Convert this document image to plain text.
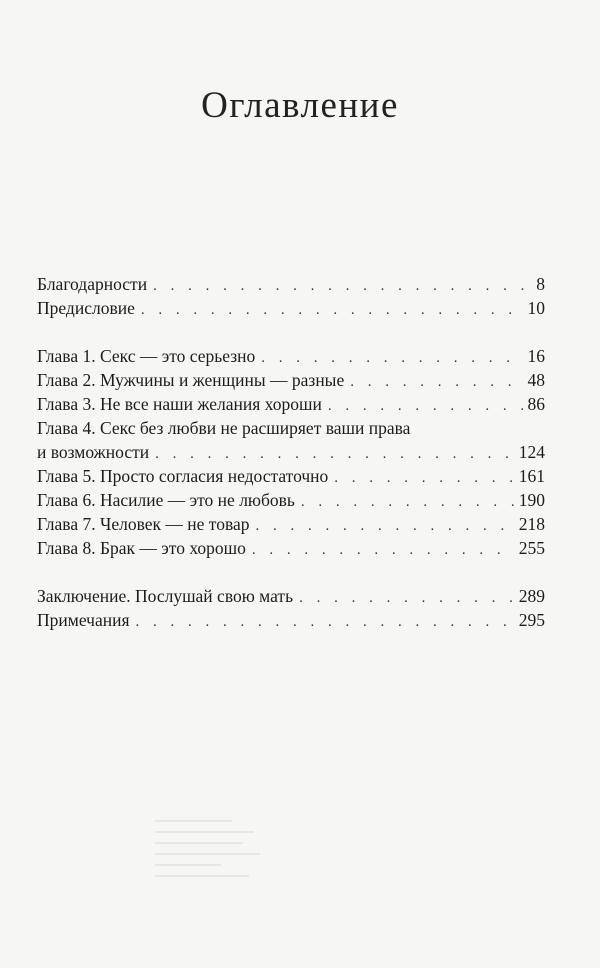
Оглавление
Благодарности . . .	8
Предисловие . . .	10
Глава 1. Секс — это серьезно . . .	16
Глава 2. Мужчины и женщины — разные . . .	48
Глава 3. Не все наши желания хороши . . .	86
Глава 4. Секс без любви не расширяет ваши права
и возможности . . .	124
Глава 5. Просто согласия недостаточно . . .	161
Глава 6. Насилие — это не любовь . . .	190
Глава 7. Человек — не товар . . .	218
Глава 8. Брак — это хорошо . . .	255
Заключение. Послушай свою мать . . .	289
Примечания . . .	295
